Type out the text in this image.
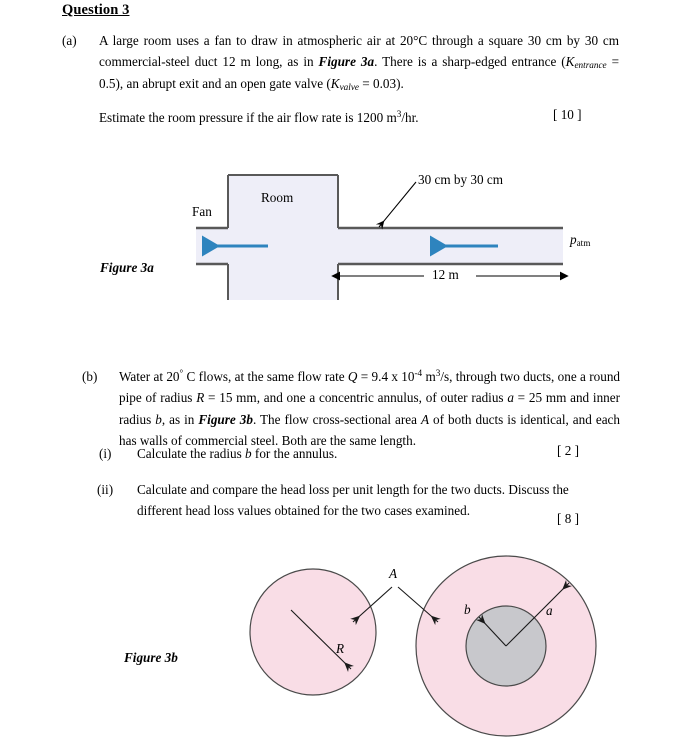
Question 3
(a) A large room uses a fan to draw in atmospheric air at 20°C through a square 30 cm by 30 cm commercial-steel duct 12 m long, as in Figure 3a. There is a sharp-edged entrance $(K_{entrance} = 0.5)$, an abrupt exit and an open gate valve $(K_{valve} = 0.03)$.
Estimate the room pressure if the air flow rate is 1200 $m^3/hr$.	[ 10 ]
Figure 3a
Fan
Room
30 cm by 30 cm
$p_{atm}$
12 m
(b) Water at 20° C flows, at the same flow rate Q = 9.4 x $10^{-4}$ $m^3/s$, through two ducts, one a round pipe of radius R = 15 mm, and one a concentric annulus, of outer radius a = 25 mm and inner radius b, as in Figure 3b. The flow cross-sectional area A of both ducts is identical, and each has walls of commercial steel. Both are the same length.
(i) Calculate the radius b for the annulus.	[ 2 ]
(ii) Calculate and compare the head loss per unit length for the two ducts. Discuss the different head loss values obtained for the two cases examined.
[ 8 ]
Figure 3b
A
R
b	a
